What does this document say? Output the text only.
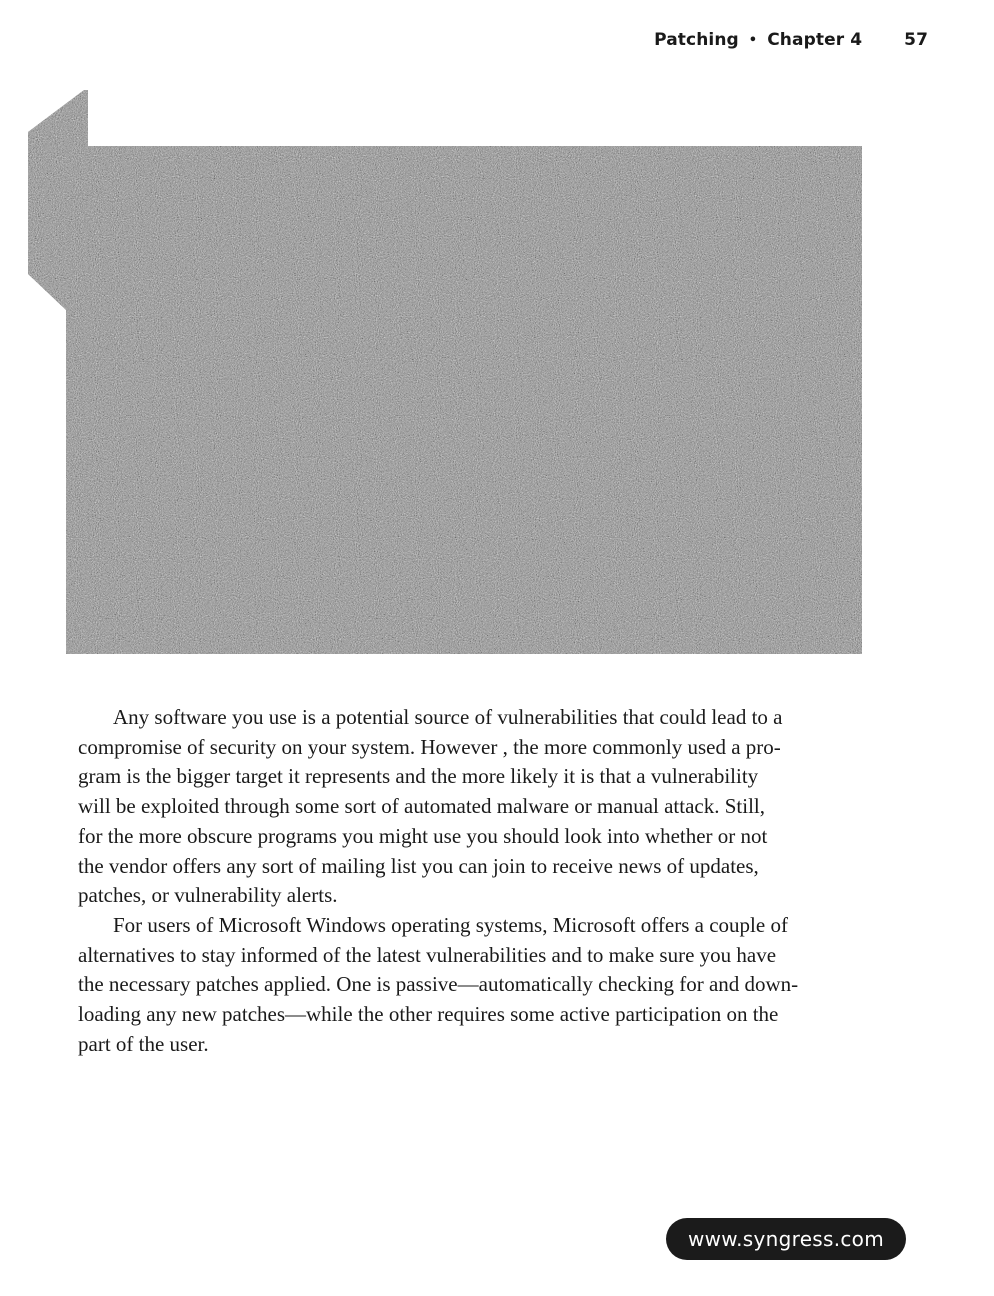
Patching • Chapter 4 57

Any software you use is a potential source of vulnerabilities that could lead to a
compromise of security on your system. However , the more commonly used a pro-
gram is the bigger target it represents and the more likely it is that a vulnerability
will be exploited through some sort of automated malware or manual attack. Still,
for the more obscure programs you might use you should look into whether or not
the vendor offers any sort of mailing list you can join to receive news of updates,
patches, or vulnerability alerts.

For users of Microsoft Windows operating systems, Microsoft offers a couple of
alternatives to stay informed of the latest vulnerabilities and to make sure you have
the necessary patches applied. One is passive—automatically checking for and down-
loading any new patches—while the other requires some active participation on the
part of the user.

www.syngress.com
